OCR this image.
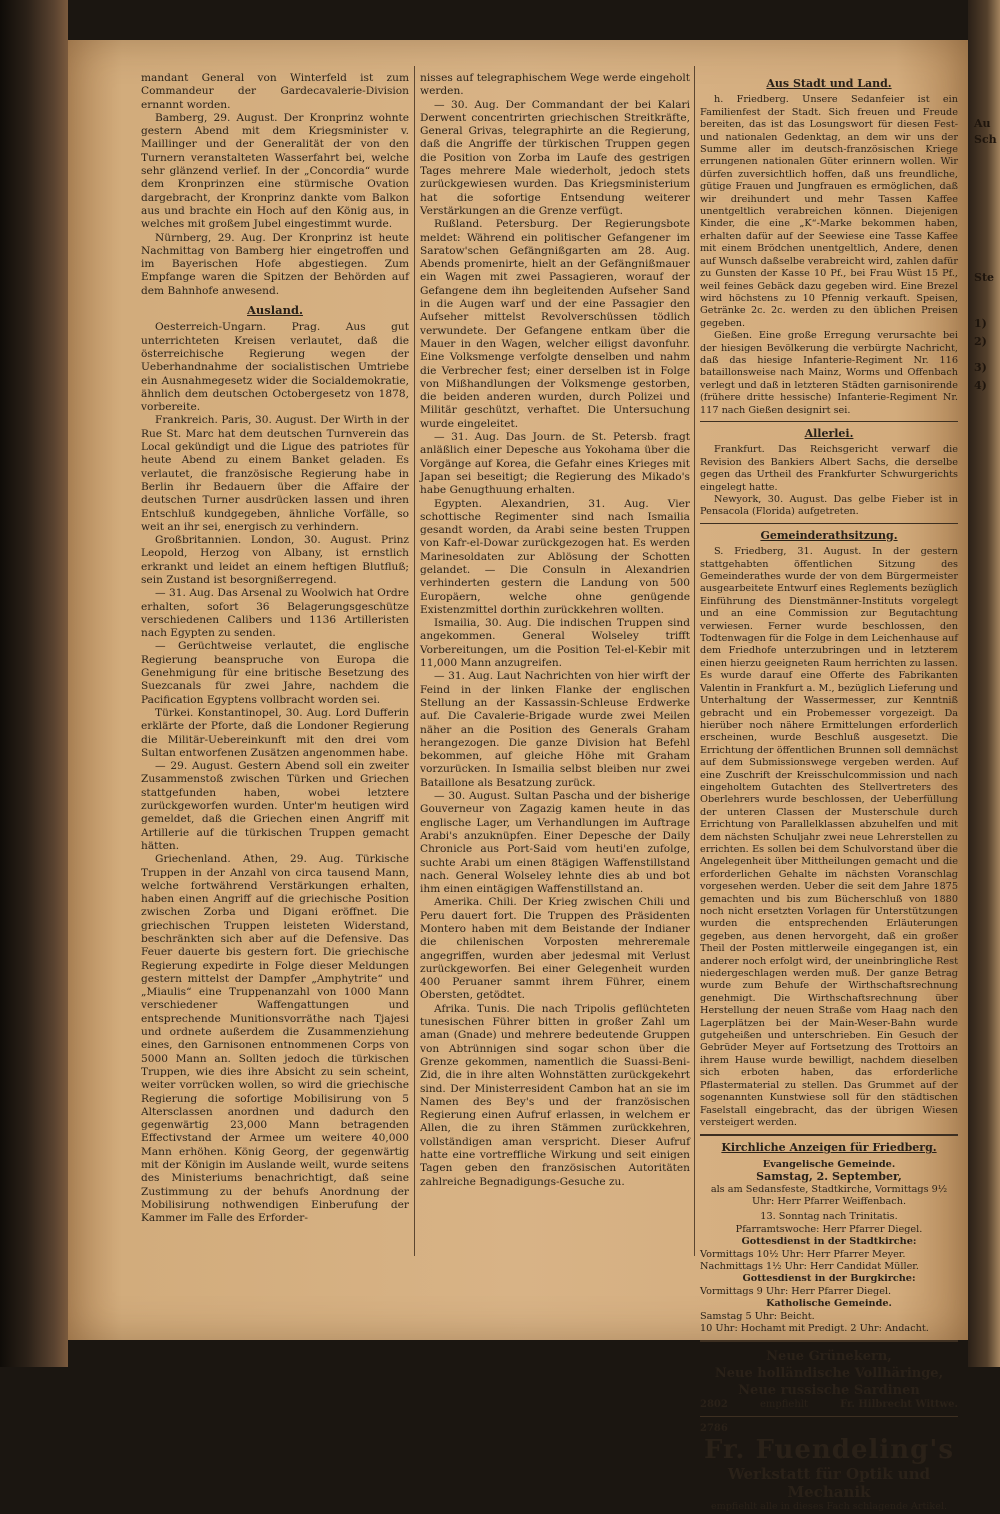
mandant General von Winterfeld ist zum Commandeur der Gardecavalerie-Division ernannt worden.

Bamberg, 29. August. Der Kronprinz wohnte gestern Abend mit dem Kriegsminister v. Maillinger und der Generalität der von den Turnern veranstalteten Wasserfahrt bei, welche sehr glänzend verlief. In der „Concordia“ wurde dem Kronprinzen eine stürmische Ovation dargebracht, der Kronprinz dankte vom Balkon aus und brachte ein Hoch auf den König aus, in welches mit großem Jubel eingestimmt wurde.

Nürnberg, 29. Aug. Der Kronprinz ist heute Nachmittag von Bamberg hier eingetroffen und im Bayerischen Hofe abgestiegen. Zum Empfange waren die Spitzen der Behörden auf dem Bahnhofe anwesend.

Ausland.

Oesterreich-Ungarn. Prag. Aus gut unterrichteten Kreisen verlautet, daß die österreichische Regierung wegen der Ueberhandnahme der socialistischen Umtriebe ein Ausnahmegesetz wider die Socialdemokratie, ähnlich dem deutschen Octobergesetz von 1878, vorbereite.

Frankreich. Paris, 30. August. Der Wirth in der Rue St. Marc hat dem deutschen Turnverein das Local gekündigt und die Ligue des patriotes für heute Abend zu einem Banket geladen. Es verlautet, die französische Regierung habe in Berlin ihr Bedauern über die Affaire der deutschen Turner ausdrücken lassen und ihren Entschluß kundgegeben, ähnliche Vorfälle, so weit an ihr sei, energisch zu verhindern.

Großbritannien. London, 30. August. Prinz Leopold, Herzog von Albany, ist ernstlich erkrankt und leidet an einem heftigen Blutfluß; sein Zustand ist besorgnißerregend.

— 31. Aug. Das Arsenal zu Woolwich hat Ordre erhalten, sofort 36 Belagerungsgeschütze verschiedenen Calibers und 1136 Artilleristen nach Egypten zu senden.

— Gerüchtweise verlautet, die englische Regierung beanspruche von Europa die Genehmigung für eine britische Besetzung des Suezcanals für zwei Jahre, nachdem die Pacification Egyptens vollbracht worden sei.

Türkei. Konstantinopel, 30. Aug. Lord Dufferin erklärte der Pforte, daß die Londoner Regierung die Militär-Uebereinkunft mit den drei vom Sultan entworfenen Zusätzen angenommen habe.

— 29. August. Gestern Abend soll ein zweiter Zusammenstoß zwischen Türken und Griechen stattgefunden haben, wobei letztere zurückgeworfen wurden. Unter'm heutigen wird gemeldet, daß die Griechen einen Angriff mit Artillerie auf die türkischen Truppen gemacht hätten.

Griechenland. Athen, 29. Aug. Türkische Truppen in der Anzahl von circa tausend Mann, welche fortwährend Verstärkungen erhalten, haben einen Angriff auf die griechische Position zwischen Zorba und Digani eröffnet. Die griechischen Truppen leisteten Widerstand, beschränkten sich aber auf die Defensive. Das Feuer dauerte bis gestern fort. Die griechische Regierung expedirte in Folge dieser Meldungen gestern mittelst der Dampfer „Amphytrite“ und „Miaulis“ eine Truppenanzahl von 1000 Mann verschiedener Waffengattungen und entsprechende Munitionsvorräthe nach Tjajesi und ordnete außerdem die Zusammenziehung eines, den Garnisonen entnommenen Corps von 5000 Mann an. Sollten jedoch die türkischen Truppen, wie dies ihre Absicht zu sein scheint, weiter vorrücken wollen, so wird die griechische Regierung die sofortige Mobilisirung von 5 Altersclassen anordnen und dadurch den gegenwärtig 23,000 Mann betragenden Effectivstand der Armee um weitere 40,000 Mann erhöhen. König Georg, der gegenwärtig mit der Königin im Auslande weilt, wurde seitens des Ministeriums benachrichtigt, daß seine Zustimmung zu der behufs Anordnung der Mobilisirung nothwendigen Einberufung der Kammer im Falle des Erforder-

nisses auf telegraphischem Wege werde eingeholt werden.

— 30. Aug. Der Commandant der bei Kalari Derwent concentrirten griechischen Streitkräfte, General Grivas, telegraphirte an die Regierung, daß die Angriffe der türkischen Truppen gegen die Position von Zorba im Laufe des gestrigen Tages mehrere Male wiederholt, jedoch stets zurückgewiesen wurden. Das Kriegsministerium hat die sofortige Entsendung weiterer Verstärkungen an die Grenze verfügt.

Rußland. Petersburg. Der Regierungsbote meldet: Während ein politischer Gefangener im Saratow'schen Gefängnißgarten am 28. Aug. Abends promenirte, hielt an der Gefängnißmauer ein Wagen mit zwei Passagieren, worauf der Gefangene dem ihn begleitenden Aufseher Sand in die Augen warf und der eine Passagier den Aufseher mittelst Revolverschüssen tödlich verwundete. Der Gefangene entkam über die Mauer in den Wagen, welcher eiligst davonfuhr. Eine Volksmenge verfolgte denselben und nahm die Verbrecher fest; einer derselben ist in Folge von Mißhandlungen der Volksmenge gestorben, die beiden anderen wurden, durch Polizei und Militär geschützt, verhaftet. Die Untersuchung wurde eingeleitet.

— 31. Aug. Das Journ. de St. Petersb. fragt anläßlich einer Depesche aus Yokohama über die Vorgänge auf Korea, die Gefahr eines Krieges mit Japan sei beseitigt; die Regierung des Mikado's habe Genugthuung erhalten.

Egypten. Alexandrien, 31. Aug. Vier schottische Regimenter sind nach Ismailia gesandt worden, da Arabi seine besten Truppen von Kafr-el-Dowar zurückgezogen hat. Es werden Marinesoldaten zur Ablösung der Schotten gelandet. — Die Consuln in Alexandrien verhinderten gestern die Landung von 500 Europäern, welche ohne genügende Existenzmittel dorthin zurückkehren wollten.

Ismailia, 30. Aug. Die indischen Truppen sind angekommen. General Wolseley trifft Vorbereitungen, um die Position Tel-el-Kebir mit 11,000 Mann anzugreifen.

— 31. Aug. Laut Nachrichten von hier wirft der Feind in der linken Flanke der englischen Stellung an der Kassassin-Schleuse Erdwerke auf. Die Cavalerie-Brigade wurde zwei Meilen näher an die Position des Generals Graham herangezogen. Die ganze Division hat Befehl bekommen, auf gleiche Höhe mit Graham vorzurücken. In Ismailia selbst bleiben nur zwei Bataillone als Besatzung zurück.

— 30. August. Sultan Pascha und der bisherige Gouverneur von Zagazig kamen heute in das englische Lager, um Verhandlungen im Auftrage Arabi's anzuknüpfen. Einer Depesche der Daily Chronicle aus Port-Said vom heuti'en zufolge, suchte Arabi um einen 8tägigen Waffenstillstand nach. General Wolseley lehnte dies ab und bot ihm einen eintägigen Waffenstillstand an.

Amerika. Chili. Der Krieg zwischen Chili und Peru dauert fort. Die Truppen des Präsidenten Montero haben mit dem Beistande der Indianer die chilenischen Vorposten mehreremale angegriffen, wurden aber jedesmal mit Verlust zurückgeworfen. Bei einer Gelegenheit wurden 400 Peruaner sammt ihrem Führer, einem Obersten, getödtet.

Afrika. Tunis. Die nach Tripolis geflüchteten tunesischen Führer bitten in großer Zahl um aman (Gnade) und mehrere bedeutende Gruppen von Abtrünnigen sind sogar schon über die Grenze gekommen, namentlich die Suassi-Beni-Zid, die in ihre alten Wohnstätten zurückgekehrt sind. Der Ministerresident Cambon hat an sie im Namen des Bey's und der französischen Regierung einen Aufruf erlassen, in welchem er Allen, die zu ihren Stämmen zurückkehren, vollständigen aman verspricht. Dieser Aufruf hatte eine vortreffliche Wirkung und seit einigen Tagen geben den französischen Autoritäten zahlreiche Begnadigungs-Gesuche zu.

Aus Stadt und Land.

h. Friedberg. Unsere Sedanfeier ist ein Familienfest der Stadt. Sich freuen und Freude bereiten, das ist das Losungswort für diesen Fest- und nationalen Gedenktag, an dem wir uns der Summe aller im deutsch-französischen Kriege errungenen nationalen Güter erinnern wollen. Wir dürfen zuversichtlich hoffen, daß uns freundliche, gütige Frauen und Jungfrauen es ermöglichen, daß wir dreihundert und mehr Tassen Kaffee unentgeltlich verabreichen können. Diejenigen Kinder, die eine „K“-Marke bekommen haben, erhalten dafür auf der Seewiese eine Tasse Kaffee mit einem Brödchen unentgeltlich, Andere, denen auf Wunsch daßselbe verabreicht wird, zahlen dafür zu Gunsten der Kasse 10 Pf., bei Frau Wüst 15 Pf., weil feines Gebäck dazu gegeben wird. Eine Brezel wird höchstens zu 10 Pfennig verkauft. Speisen, Getränke 2c. 2c. werden zu den üblichen Preisen gegeben.

Gießen. Eine große Erregung verursachte bei der hiesigen Bevölkerung die verbürgte Nachricht, daß das hiesige Infanterie-Regiment Nr. 116 bataillonsweise nach Mainz, Worms und Offenbach verlegt und daß in letzteren Städten garnisonirende (frühere dritte hessische) Infanterie-Regiment Nr. 117 nach Gießen designirt sei.

Allerlei.

Frankfurt. Das Reichsgericht verwarf die Revision des Bankiers Albert Sachs, die derselbe gegen das Urtheil des Frankfurter Schwurgerichts eingelegt hatte.

Newyork, 30. August. Das gelbe Fieber ist in Pensacola (Florida) aufgetreten.

Gemeinderathsitzung.

S. Friedberg, 31. August. In der gestern stattgehabten öffentlichen Sitzung des Gemeinderathes wurde der von dem Bürgermeister ausgearbeitete Entwurf eines Reglements bezüglich Einführung des Dienstmänner-Instituts vorgelegt und an eine Commission zur Begutachtung verwiesen. Ferner wurde beschlossen, den Todtenwagen für die Folge in dem Leichenhause auf dem Friedhofe unterzubringen und in letzterem einen hierzu geeigneten Raum herrichten zu lassen. Es wurde darauf eine Offerte des Fabrikanten Valentin in Frankfurt a. M., bezüglich Lieferung und Unterhaltung der Wassermesser, zur Kenntniß gebracht und ein Probemesser vorgezeigt. Da hierüber noch nähere Ermittelungen erforderlich erscheinen, wurde Beschluß ausgesetzt. Die Errichtung der öffentlichen Brunnen soll demnächst auf dem Submissionswege vergeben werden. Auf eine Zuschrift der Kreisschulcommission und nach eingeholtem Gutachten des Stellvertreters des Oberlehrers wurde beschlossen, der Ueberfüllung der unteren Classen der Musterschule durch Errichtung von Parallelklassen abzuhelfen und mit dem nächsten Schuljahr zwei neue Lehrerstellen zu errichten. Es sollen bei dem Schulvorstand über die Angelegenheit über Mittheilungen gemacht und die erforderlichen Gehalte im nächsten Voranschlag vorgesehen werden. Ueber die seit dem Jahre 1875 gemachten und bis zum Bücherschluß von 1880 noch nicht ersetzten Vorlagen für Unterstützungen wurden die entsprechenden Erläuterungen gegeben, aus denen hervorgeht, daß ein großer Theil der Posten mittlerweile eingegangen ist, ein anderer noch erfolgt wird, der uneinbringliche Rest niedergeschlagen werden muß. Der ganze Betrag wurde zum Behufe der Wirthschaftsrechnung genehmigt. Die Wirthschaftsrechnung über Herstellung der neuen Straße vom Haag nach den Lagerplätzen bei der Main-Weser-Bahn wurde gutgeheißen und unterschrieben. Ein Gesuch der Gebrüder Meyer auf Fortsetzung des Trottoirs an ihrem Hause wurde bewilligt, nachdem dieselben sich erboten haben, das erforderliche Pflastermaterial zu stellen. Das Grummet auf der sogenannten Kunstwiese soll für den städtischen Faselstall eingebracht, das der übrigen Wiesen versteigert werden.

Kirchliche Anzeigen für Friedberg.

Evangelische Gemeinde.

Samstag, 2. September,

als am Sedansfeste, Stadtkirche, Vormittags 9½ Uhr: Herr Pfarrer Weiffenbach.

13. Sonntag nach Trinitatis.

Pfarramtswoche: Herr Pfarrer Diegel.

Gottesdienst in der Stadtkirche:

Vormittags 10½ Uhr: Herr Pfarrer Meyer.

Nachmittags 1½ Uhr: Herr Candidat Müller.

Gottesdienst in der Burgkirche:

Vormittags 9 Uhr: Herr Pfarrer Diegel.

Katholische Gemeinde.

Samstag 5 Uhr: Beicht.

10 Uhr: Hochamt mit Predigt. 2 Uhr: Andacht.

Neue Grünekern,
Neue holländische Vollhäringe,
Neue russische Sardinen
2802	empfiehlt	Fr. Hilbrecht Wittwe.
2786
Fr. Fuendeling's
Werkstatt für Optik und Mechanik
empfiehlt alle in dieses Fach schlagende Artikel.
Au
Sch
Ste
1)
2)
3)
4)
